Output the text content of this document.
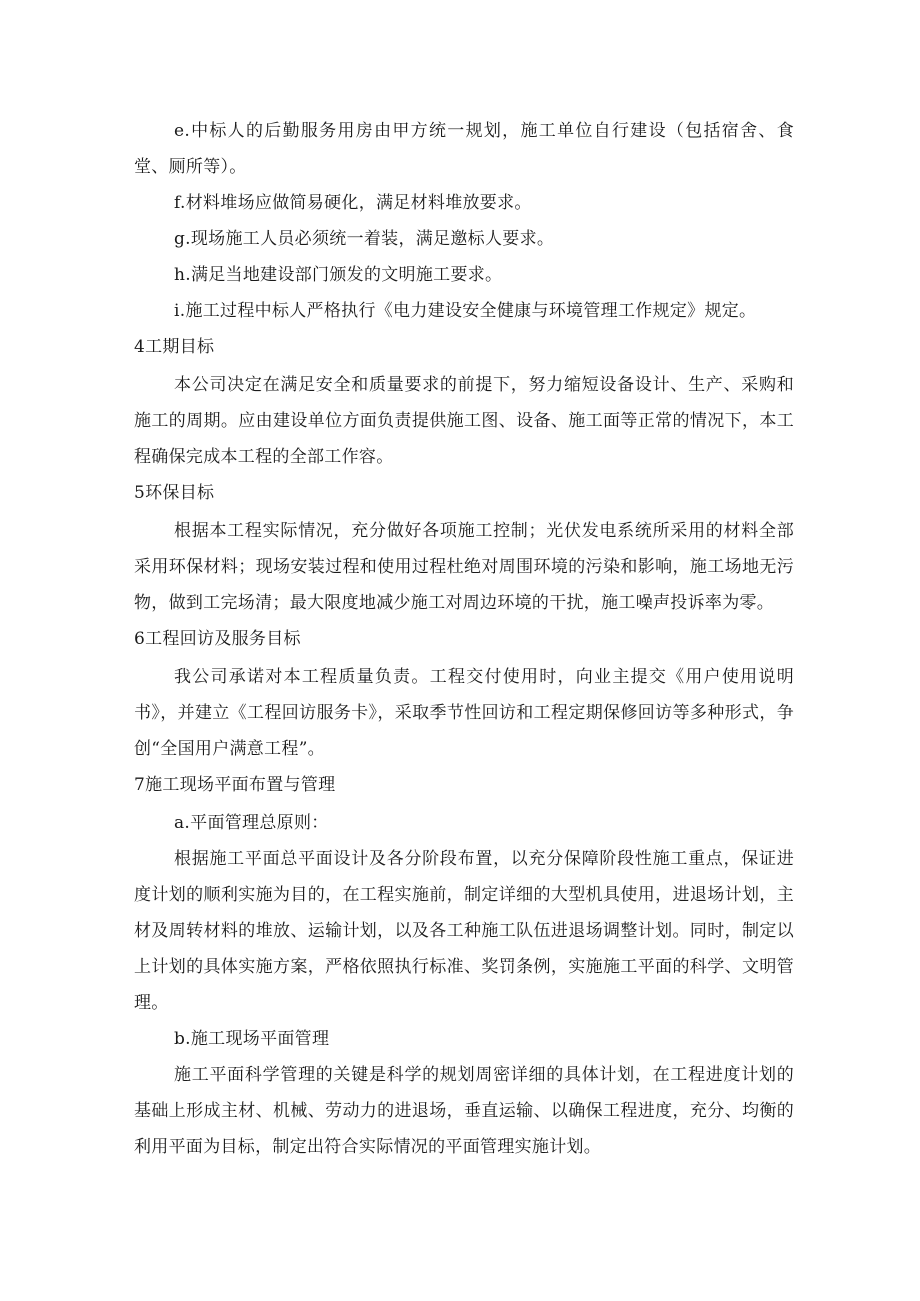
e.中标人的后勤服务用房由甲方统一规划，施工单位自行建设（包括宿舍、食堂、厕所等）。

f.材料堆场应做简易硬化，满足材料堆放要求。

g.现场施工人员必须统一着装，满足邀标人要求。

h.满足当地建设部门颁发的文明施工要求。

i.施工过程中标人严格执行《电力建设安全健康与环境管理工作规定》规定。

4工期目标

本公司决定在满足安全和质量要求的前提下，努力缩短设备设计、生产、采购和施工的周期。应由建设单位方面负责提供施工图、设备、施工面等正常的情况下，本工程确保完成本工程的全部工作容。

5环保目标

根据本工程实际情况，充分做好各项施工控制；光伏发电系统所采用的材料全部采用环保材料；现场安装过程和使用过程杜绝对周围环境的污染和影响，施工场地无污物，做到工完场清；最大限度地减少施工对周边环境的干扰，施工噪声投诉率为零。

6工程回访及服务目标

我公司承诺对本工程质量负责。工程交付使用时，向业主提交《用户使用说明书》，并建立《工程回访服务卡》，采取季节性回访和工程定期保修回访等多种形式，争创“全国用户满意工程”。

7施工现场平面布置与管理

a.平面管理总原则：

根据施工平面总平面设计及各分阶段布置，以充分保障阶段性施工重点，保证进度计划的顺利实施为目的，在工程实施前，制定详细的大型机具使用，进退场计划，主材及周转材料的堆放、运输计划，以及各工种施工队伍进退场调整计划。同时，制定以上计划的具体实施方案，严格依照执行标准、奖罚条例，实施施工平面的科学、文明管理。

b.施工现场平面管理

施工平面科学管理的关键是科学的规划周密详细的具体计划，在工程进度计划的基础上形成主材、机械、劳动力的进退场，垂直运输、以确保工程进度，充分、均衡的利用平面为目标，制定出符合实际情况的平面管理实施计划。
